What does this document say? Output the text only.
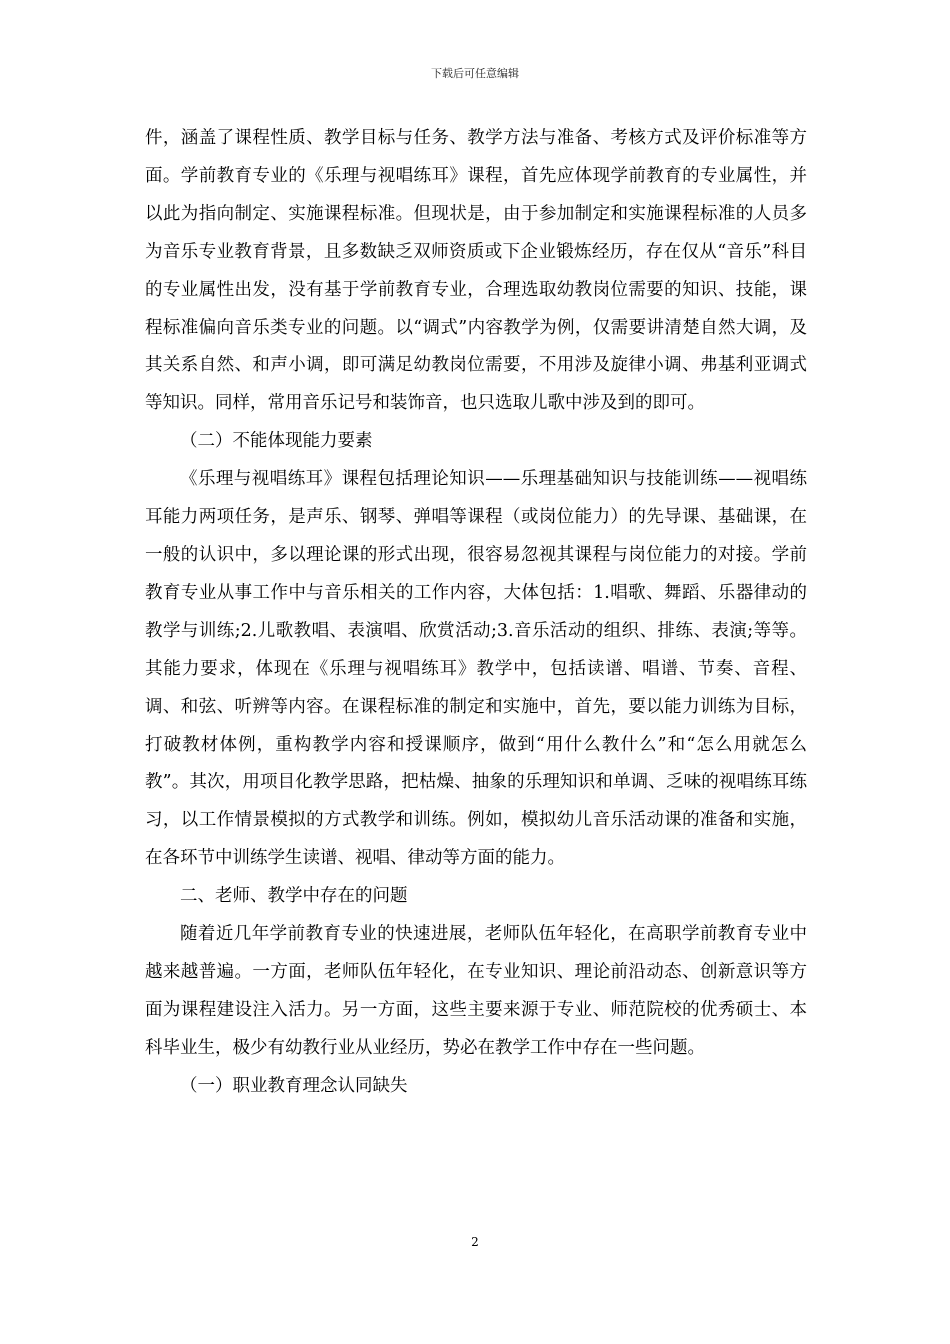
下载后可任意编辑

件，涵盖了课程性质、教学目标与任务、教学方法与准备、考核方式及评价标准等方面。学前教育专业的《乐理与视唱练耳》课程，首先应体现学前教育的专业属性，并以此为指向制定、实施课程标准。但现状是，由于参加制定和实施课程标准的人员多为音乐专业教育背景，且多数缺乏双师资质或下企业锻炼经历，存在仅从“音乐”科目的专业属性出发，没有基于学前教育专业，合理选取幼教岗位需要的知识、技能，课程标准偏向音乐类专业的问题。以“调式”内容教学为例，仅需要讲清楚自然大调，及其关系自然、和声小调，即可满足幼教岗位需要，不用涉及旋律小调、弗基利亚调式等知识。同样，常用音乐记号和装饰音，也只选取儿歌中涉及到的即可。

（二）不能体现能力要素

《乐理与视唱练耳》课程包括理论知识——乐理基础知识与技能训练——视唱练耳能力两项任务，是声乐、钢琴、弹唱等课程（或岗位能力）的先导课、基础课，在一般的认识中，多以理论课的形式出现，很容易忽视其课程与岗位能力的对接。学前教育专业从事工作中与音乐相关的工作内容，大体包括：1.唱歌、舞蹈、乐器律动的教学与训练;2.儿歌教唱、表演唱、欣赏活动;3.音乐活动的组织、排练、表演;等等。其能力要求，体现在《乐理与视唱练耳》教学中，包括读谱、唱谱、节奏、音程、调、和弦、听辨等内容。在课程标准的制定和实施中，首先，要以能力训练为目标，打破教材体例，重构教学内容和授课顺序，做到“用什么教什么”和“怎么用就怎么教”。其次，用项目化教学思路，把枯燥、抽象的乐理知识和单调、乏味的视唱练耳练习，以工作情景模拟的方式教学和训练。例如，模拟幼儿音乐活动课的准备和实施，在各环节中训练学生读谱、视唱、律动等方面的能力。

二、老师、教学中存在的问题

随着近几年学前教育专业的快速进展，老师队伍年轻化，在高职学前教育专业中越来越普遍。一方面，老师队伍年轻化，在专业知识、理论前沿动态、创新意识等方面为课程建设注入活力。另一方面，这些主要来源于专业、师范院校的优秀硕士、本科毕业生，极少有幼教行业从业经历，势必在教学工作中存在一些问题。

（一）职业教育理念认同缺失

2
